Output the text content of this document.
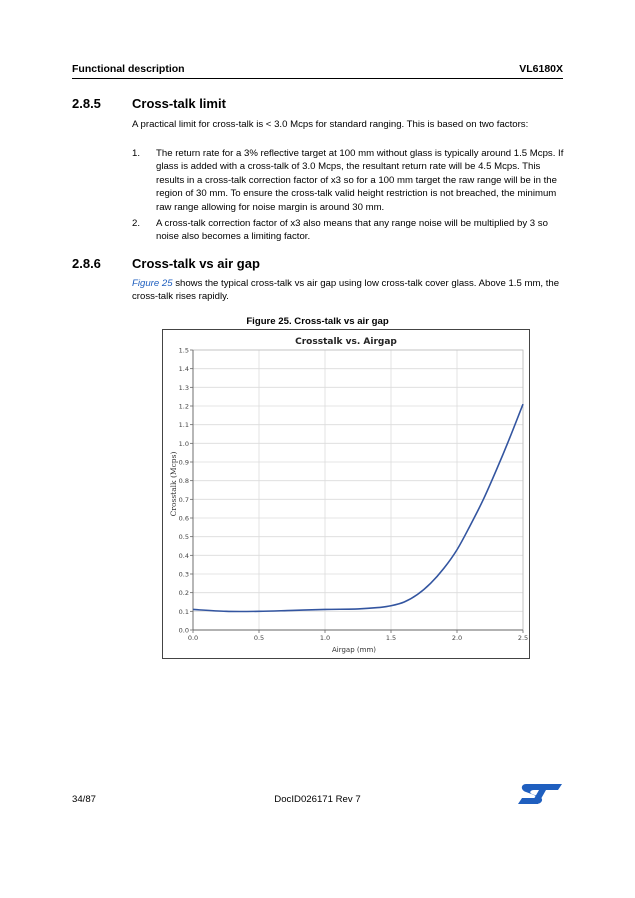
Functional description	VL6180X
2.8.5 Cross-talk limit
A practical limit for cross-talk is < 3.0 Mcps for standard ranging. This is based on two factors:
1. The return rate for a 3% reflective target at 100 mm without glass is typically around 1.5 Mcps. If glass is added with a cross-talk of 3.0 Mcps, the resultant return rate will be 4.5 Mcps. This results in a cross-talk correction factor of x3 so for a 100 mm target the raw range will be in the region of 30 mm. To ensure the cross-talk valid height restriction is not breached, the minimum raw range allowing for noise margin is around 30 mm.
2. A cross-talk correction factor of x3 also means that any range noise will be multiplied by 3 so noise also becomes a limiting factor.
2.8.6 Cross-talk vs air gap
Figure 25 shows the typical cross-talk vs air gap using low cross-talk cover glass. Above 1.5 mm, the cross-talk rises rapidly.
Figure 25. Cross-talk vs air gap
0.0
0.1
0.2
0.3
0.4
0.5
0.6
0.7
0.8
0.9
1.0
1.1
1.2
1.3
1.4
1.5
0.0	0.5	1.0	1.5	2.0	2.5
Crosstalk vs. Airgap
Airgap (mm)
Crosstalk (Mcps)
34/87	DocID026171 Rev 7
